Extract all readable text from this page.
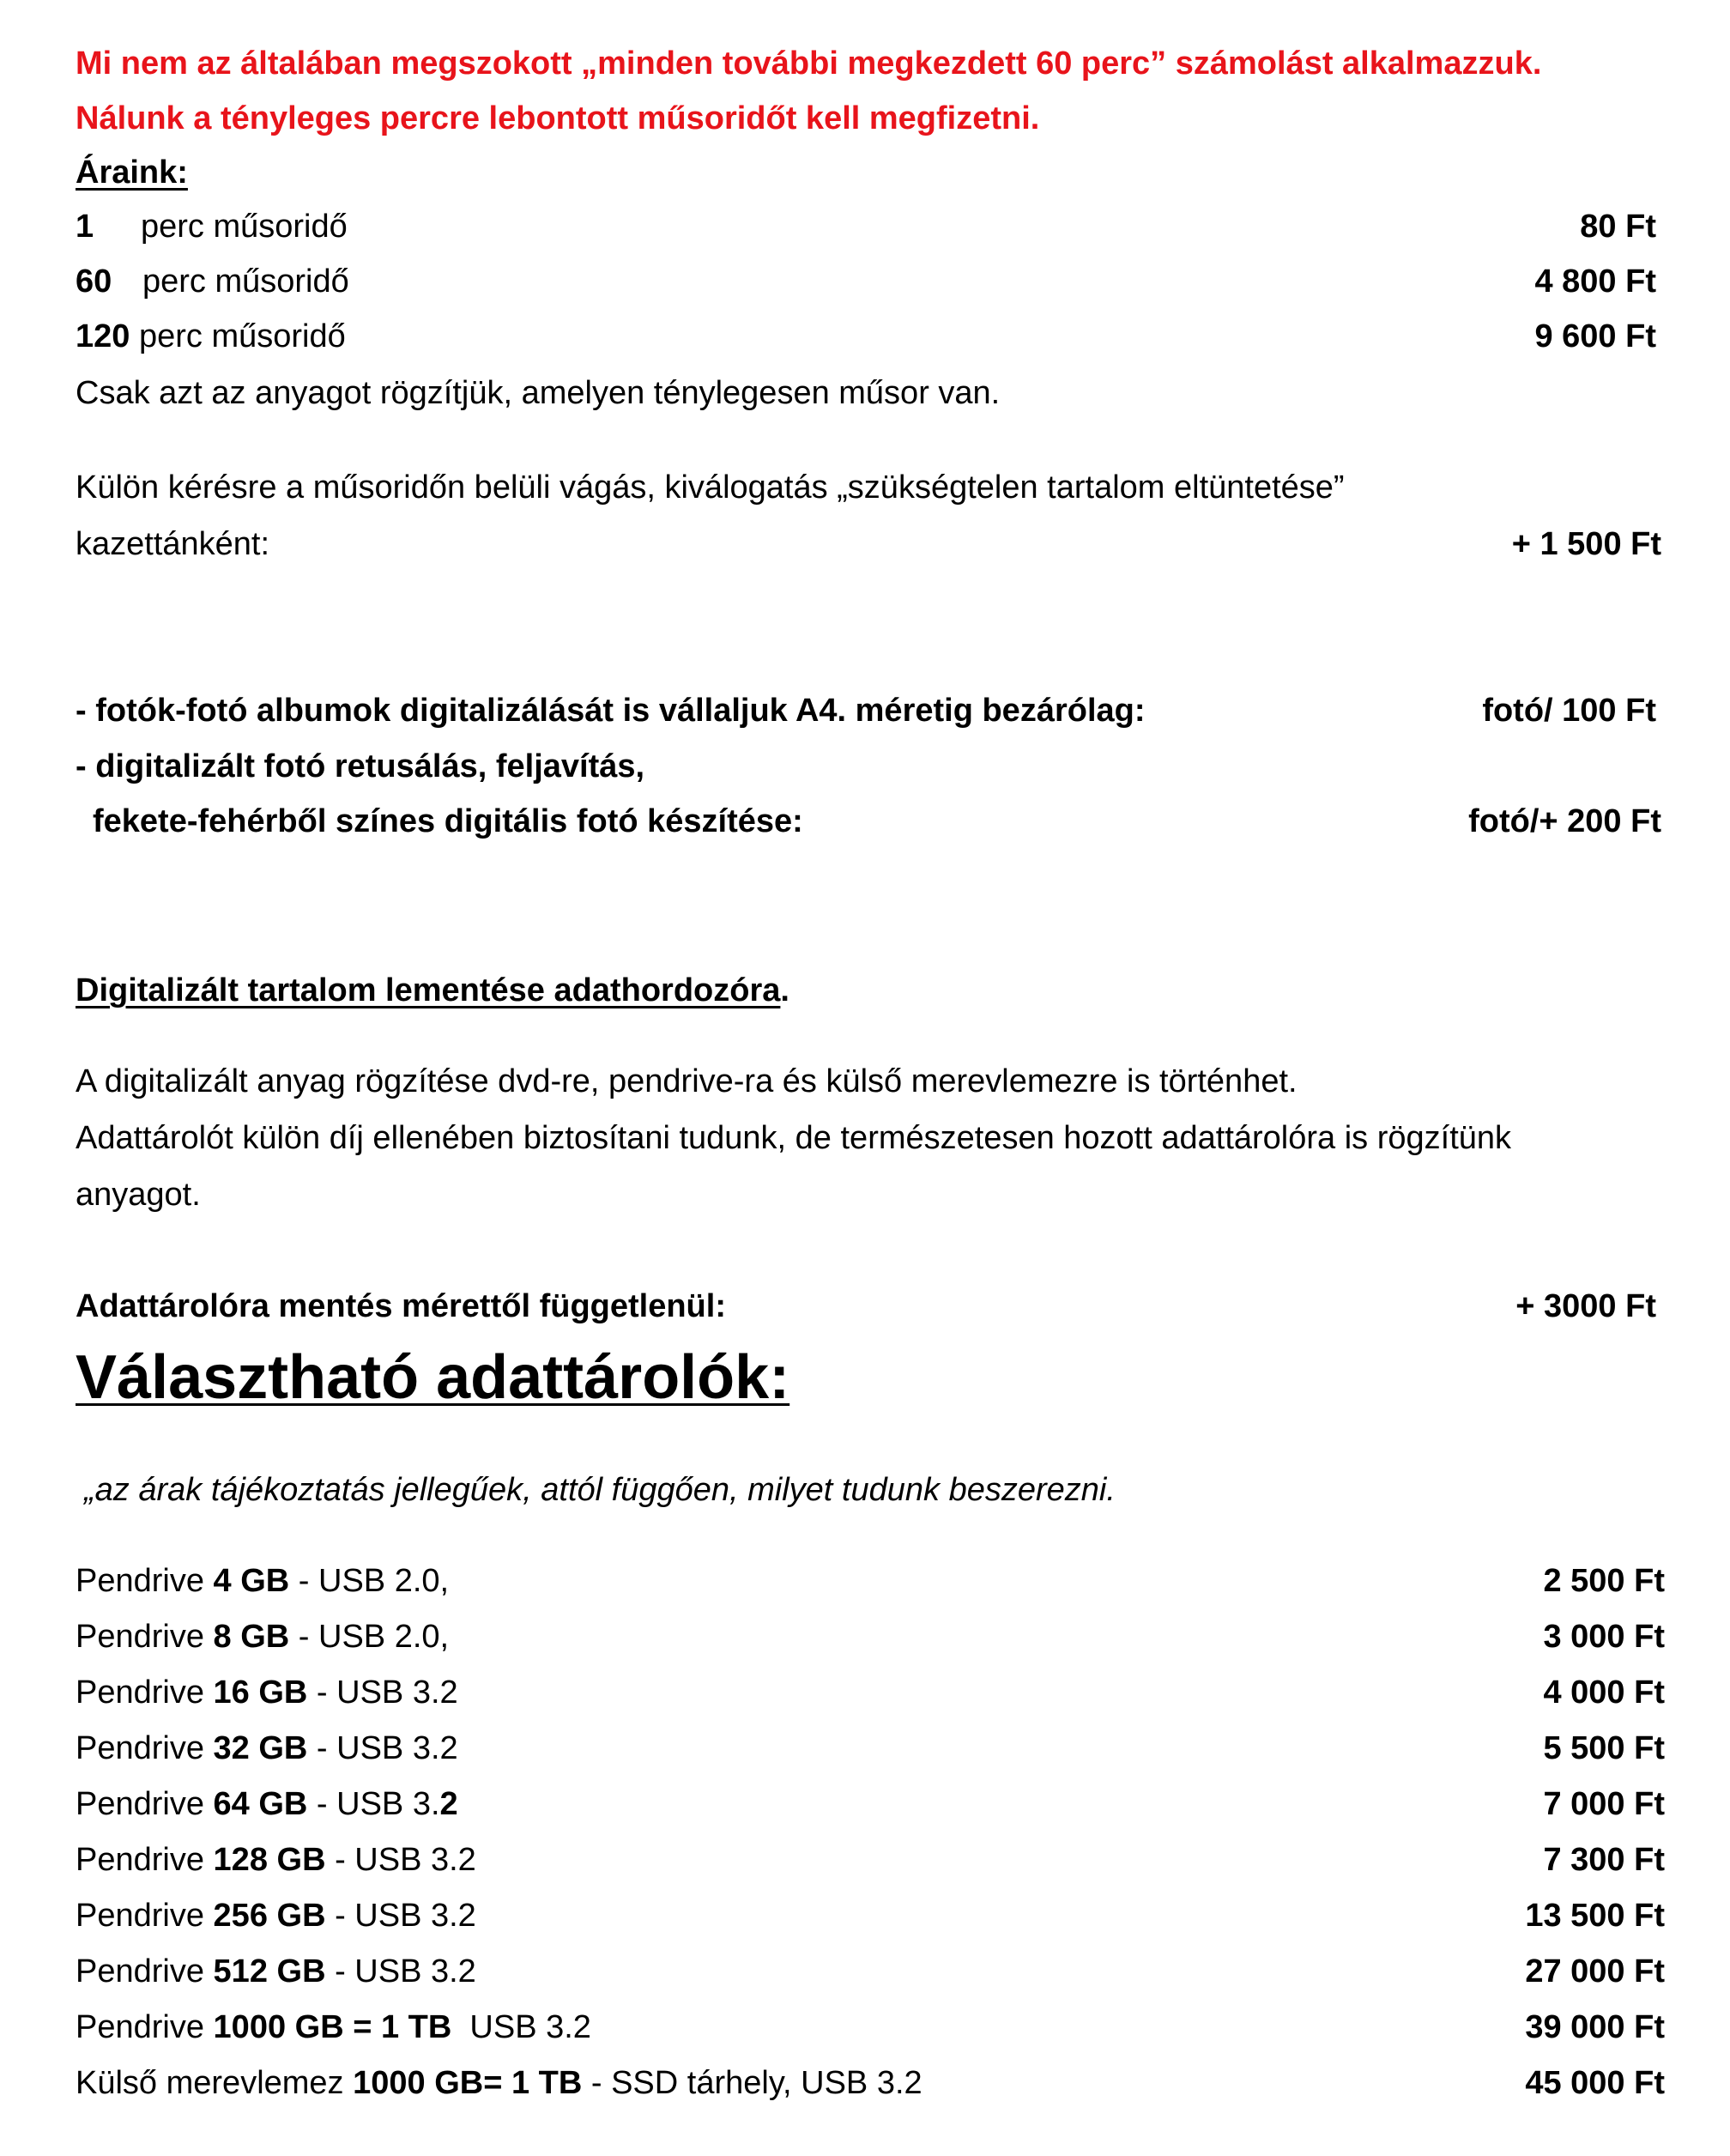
Mi nem az általában megszokott „minden további megkezdett 60 perc” számolást alkalmazzuk.
Nálunk a tényleges percre lebontott műsoridőt kell megfizetni.
Áraink:
1 perc műsoridő	80 Ft
60 perc műsoridő	4 800 Ft
120 perc műsoridő	9 600 Ft
Csak azt az anyagot rögzítjük, amelyen ténylegesen műsor van.
Külön kérésre a műsoridőn belüli vágás, kiválogatás „szükségtelen tartalom eltüntetése”
kazettánként:	+ 1 500 Ft
- fotók-fotó albumok digitalizálását is vállaljuk A4. méretig bezárólag:	fotó/ 100 Ft
- digitalizált fotó retusálás, feljavítás,
fekete-fehérből színes digitális fotó készítése:	fotó/+ 200 Ft
Digitalizált tartalom lementése adathordozóra.
A digitalizált anyag rögzítése dvd-re, pendrive-ra és külső merevlemezre is történhet.
Adattárolót külön díj ellenében biztosítani tudunk, de természetesen hozott adattárolóra is rögzítünk
anyagot.
Adattárolóra mentés mérettől függetlenül:	+ 3000 Ft
Választható adattárolók:
„az árak tájékoztatás jellegűek, attól függően, milyet tudunk beszerezni.
Pendrive 4 GB - USB 2.0,	2 500 Ft
Pendrive 8 GB - USB 2.0,	3 000 Ft
Pendrive 16 GB - USB 3.2	4 000 Ft
Pendrive 32 GB - USB 3.2	5 500 Ft
Pendrive 64 GB - USB 3.2	7 000 Ft
Pendrive 128 GB - USB 3.2	7 300 Ft
Pendrive 256 GB - USB 3.2	13 500 Ft
Pendrive 512 GB - USB 3.2	27 000 Ft
Pendrive 1000 GB = 1 TB  USB 3.2	39 000 Ft
Külső merevlemez 1000 GB= 1 TB - SSD tárhely, USB 3.2	45 000 Ft
